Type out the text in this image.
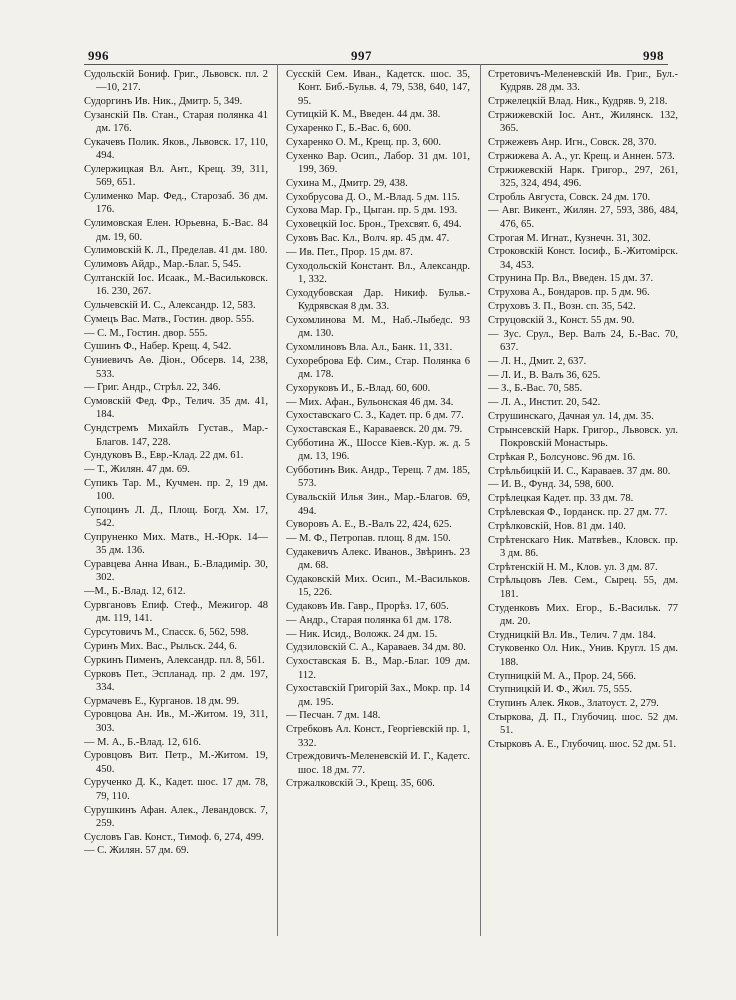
996	997	998
Судольскій Бониф. Григ., Львовск. пл. 2—10, 217.
Судоргинъ Ив. Ник., Дмитр. 5, 349.
Сузанскій Пв. Стан., Старая полянка 41 дм. 176.
Сукачевъ Полик. Яков., Львовск. 17, 110, 494.
Сулержицкая Вл. Ант., Крещ. 39, 311, 569, 651.
Сулименко Мар. Фед., Старозаб. 36 дм. 176.
Сулимовская Елен. Юрьевна, Б.-Вас. 84 дм. 19, 60.
Сулимовскій К. Л., Пределав. 41 дм. 180.
Сулимовъ Айдр., Мар.-Благ. 5, 545.
Султанскій Іос. Исаак., М.-Васильковск. 16. 230, 267.
Сульчевскій И. С., Александр. 12, 583.
Сумецъ Вас. Матв., Гостин. двор. 555.
— С. М., Гостин. двор. 555.
Сушинъ Ф., Набер. Крещ. 4, 542.
Суниевичъ Аѳ. Діон., Обсерв. 14, 238, 533.
— Григ. Андр., Стрѣл. 22, 346.
Сумовскій Фед. Фр., Телич. 35 дм. 41, 184.
Сундстремъ Михайлъ Густав., Мар.-Благов. 147, 228.
Сундуковъ В., Евр.-Клад. 22 дм. 61.
— Т., Жилян. 47 дм. 69.
Супикъ Тар. М., Кучмен. пр. 2, 19 дм. 100.
Супоцинъ Л. Д., Площ. Богд. Хм. 17, 542.
Супруненко Мих. Матв., Н.-Юрк. 14—35 дм. 136.
Суравцева Анна Иван., Б.-Владимір. 30, 302.
—М., Б.-Влад. 12, 612.
Сурвгановъ Епиф. Стеф., Межигор. 48 дм. 119, 141.
Сурсутовичъ М., Спасск. 6, 562, 598.
Суринъ Мих. Вас., Рыльск. 244, 6.
Суркинъ Пименъ, Александр. пл. 8, 561.
Сурковъ Пет., Эспланад. пр. 2 дм. 197, 334.
Сурмачевъ Е., Курганов. 18 дм. 99.
Суровцова Ан. Ив., М.-Житом. 19, 311, 303.
— М. А., Б.-Влад. 12, 616.
Суровцовъ Вит. Петр., М.-Житом. 19, 450.
Сурученко Д. К., Кадет. шос. 17 дм. 78, 79, 110.
Сурушкинъ Афан. Алек., Левандовск. 7, 259.
Сусловъ Гав. Конст., Тимоф. 6, 274, 499.
— С. Жилян. 57 дм. 69.
Сусскій Сем. Иван., Кадетск. шос. 35, Конт. Биб.-Бульв. 4, 79, 538, 640, 147, 95.
Сутицкій К. М., Введен. 44 дм. 38.
Сухаренко Г., Б.-Вас. 6, 600.
Сухаренко О. М., Крещ. пр. 3, 600.
Сухенко Вар. Осип., Лабор. 31 дм. 101, 199, 369.
Сухина М., Дмитр. 29, 438.
Сухобрусова Д. О., М.-Влад. 5 дм. 115.
Сухова Мар. Гр., Цыган. пр. 5 дм. 193.
Суховецкій Іос. Брон., Трехсвят. 6, 494.
Суховъ Вас. Кл., Волч. яр. 45 дм. 47.
— Ив. Пет., Прор. 15 дм. 87.
Суходольскій Констант. Вл., Александр. 1, 332.
Суходубовская Дар. Никиф. Бульв.-Кудрявская 8 дм. 33.
Сухомлинова М. М., Наб.-Лыбедс. 93 дм. 130.
Сухомлиновъ Вла. Ал., Банк. 11, 331.
Сухореброва Еф. Сим., Стар. Полянка 6 дм. 178.
Сухоруковъ И., Б.-Влад. 60, 600.
— Мих. Афан., Бульонская 46 дм. 34.
Сухоставскаго С. З., Кадет. пр. 6 дм. 77.
Сухоставская Е., Караваевск. 20 дм. 79.
Субботина Ж., Шоссе Кіев.-Кур. ж. д. 5 дм. 13, 196.
Субботинъ Вик. Андр., Терещ. 7 дм. 185, 573.
Сувальскій Илья Зин., Мар.-Благов. 69, 494.
Суворовъ А. Е., В.-Валъ 22, 424, 625.
— М. Ф., Петропав. площ. 8 дм. 150.
Судакевичъ Алекс. Иванов., Звѣринъ. 23 дм. 68.
Судаковскій Мих. Осип., М.-Васильков. 15, 226.
Судаковъ Ив. Гавр., Прорѣз. 17, 605.
— Андр., Старая полянка 61 дм. 178.
— Ник. Исид., Воложк. 24 дм. 15.
Судзиловскій С. А., Караваев. 34 дм. 80.
Сухоставская Б. В., Мар.-Благ. 109 дм. 112.
Сухоставскій Григорій Зах., Мокр. пр. 14 дм. 195.
— Песчан. 7 дм. 148.
Стребковъ Ал. Конст., Георгіевскій пр. 1, 332.
Стреждовичъ-Меленевскій И. Г., Кадетс. шос. 18 дм. 77.
Стржалковскій Э., Крещ. 35, 606.
Стретовичъ-Меленевскій Ив. Григ., Бул.-Кудряв. 28 дм. 33.
Стржелецкій Влад. Ник., Кудряв. 9, 218.
Стржижевскій Іос. Ант., Жилянск. 132, 365.
Стржежевъ Анр. Игн., Совск. 28, 370.
Стржижева А. А., уг. Крещ. и Аннен. 573.
Стржижевскій Нарк. Григор., 297, 261, 325, 324, 494, 496.
Стробль Августа, Совск. 24 дм. 170.
— Авг. Викент., Жилян. 27, 593, 386, 484, 476, 65.
Строгая М. Игнат., Кузнечн. 31, 302.
Строковскій Конст. Іосиф., Б.-Житомірск. 34, 453.
Струнина Пр. Вл., Введен. 15 дм. 37.
Струхова А., Бондаров. пр. 5 дм. 96.
Струховъ З. П., Возн. сп. 35, 542.
Струцовскій З., Конст. 55 дм. 90.
— Зус. Срул., Вер. Валъ 24, Б.-Вас. 70, 637.
— Л. Н., Дмит. 2, 637.
— Л. И., В. Валъ 36, 625.
— З., Б.-Вас. 70, 585.
— Л. А., Инстит. 20, 542.
Струшинскаго, Дачная ул. 14, дм. 35.
Стрынсевскій Нарк. Григор., Львовск. ул. Покровскій Монастырь.
Стрѣкая Р., Болсуновс. 96 дм. 16.
Стрѣльбицкій И. С., Караваев. 37 дм. 80.
— И. В., Фунд. 34, 598, 600.
Стрѣлецкая Кадет. пр. 33 дм. 78.
Стрѣлевская Ф., Іорданск. пр. 27 дм. 77.
Стрѣлковскій, Нов. 81 дм. 140.
Стрѣтенскаго Ник. Матвѣев., Кловск. пр. 3 дм. 86.
Стрѣтенскій Н. М., Клов. ул. 3 дм. 87.
Стрѣльцовъ Лев. Сем., Сырец. 55, дм. 181.
Студенковъ Мих. Егор., Б.-Васильк. 77 дм. 20.
Студницкій Вл. Ив., Телич. 7 дм. 184.
Стуковенко Ол. Ник., Унив. Кругл. 15 дм. 188.
Ступницкій М. А., Прор. 24, 566.
Ступницкій И. Ф., Жил. 75, 555.
Ступинъ Алек. Яков., Златоуст. 2, 279.
Стыркова, Д. П., Глубочиц. шос. 52 дм. 51.
Стырковъ А. Е., Глубочиц. шос. 52 дм. 51.
